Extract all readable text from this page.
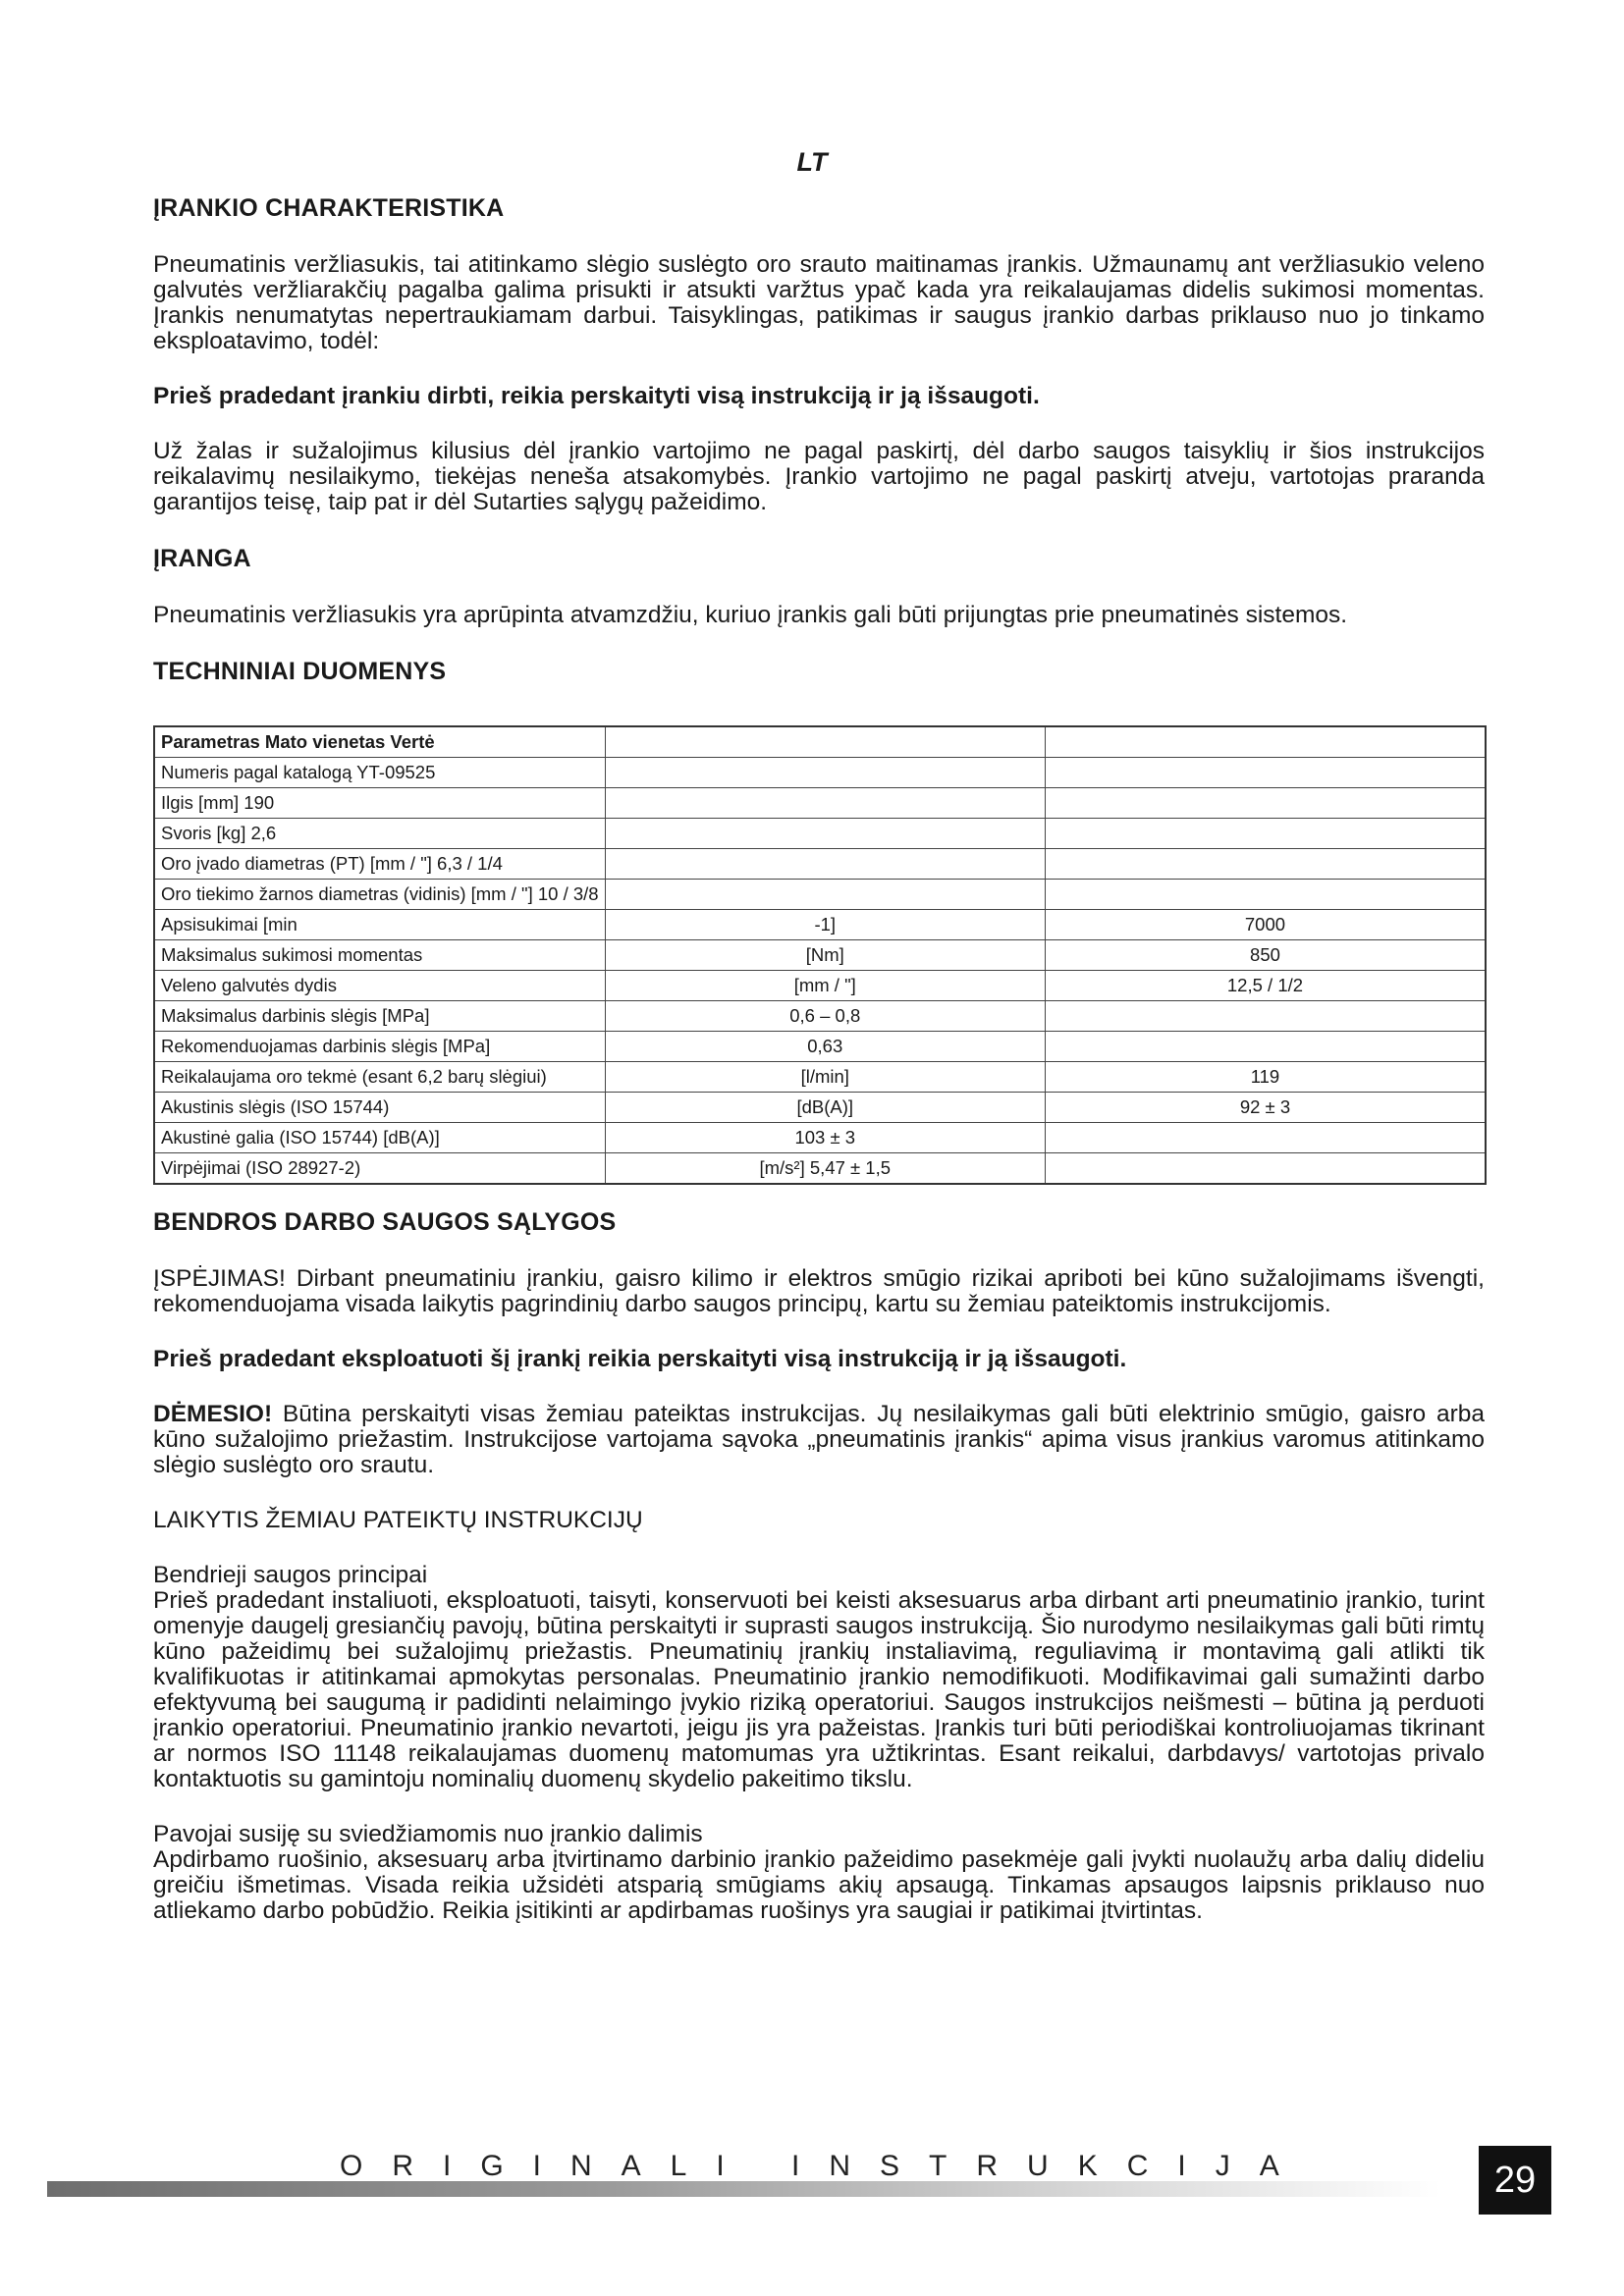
LT
ĮRANKIO CHARAKTERISTIKA

Pneumatinis veržliasukis, tai atitinkamo slėgio suslėgto oro srauto maitinamas įrankis. Užmaunamų ant veržliasukio veleno galvutės veržliarakčių pagalba galima prisukti ir atsukti varžtus ypač kada yra reikalaujamas didelis sukimosi momentas. Įrankis nenumatytas nepertraukiamam darbui. Taisyklingas, patikimas ir saugus įrankio darbas priklauso nuo jo tinkamo eksploatavimo, todėl:

Prieš pradedant įrankiu dirbti, reikia perskaityti visą instrukciją ir ją išsaugoti.

Už žalas ir sužalojimus kilusius dėl įrankio vartojimo ne pagal paskirtį, dėl darbo saugos taisyklių ir šios instrukcijos reikalavimų nesilaikymo, tiekėjas neneša atsakomybės. Įrankio vartojimo ne pagal paskirtį atveju, vartotojas praranda garantijos teisę, taip pat ir dėl Sutarties sąlygų pažeidimo.

ĮRANGA

Pneumatinis veržliasukis yra aprūpinta atvamzdžiu, kuriuo įrankis gali būti prijungtas prie pneumatinės sistemos.

TECHNINIAI DUOMENYS
Parametras Mato vienetas Vertė		
Numeris pagal katalogą YT-09525		
Ilgis [mm] 190		
Svoris [kg] 2,6		
Oro įvado diametras (PT) [mm / "] 6,3 / 1/4		
Oro tiekimo žarnos diametras (vidinis) [mm / "] 10 / 3/8		
Apsisukimai [min	-1]	7000
Maksimalus sukimosi momentas	[Nm]	850
Veleno galvutės dydis	[mm / "]	12,5 / 1/2
Maksimalus darbinis slėgis [MPa]	0,6 – 0,8	
Rekomenduojamas darbinis slėgis [MPa]	0,63	
Reikalaujama oro tekmė (esant 6,2 barų slėgiui)	[l/min]	119
Akustinis slėgis (ISO 15744)	[dB(A)]	92 ± 3
Akustinė galia (ISO 15744) [dB(A)]	103 ± 3	
Virpėjimai (ISO 28927-2)	[m/s²] 5,47 ± 1,5	
BENDROS DARBO SAUGOS SĄLYGOS

ĮSPĖJIMAS! Dirbant pneumatiniu įrankiu, gaisro kilimo ir elektros smūgio rizikai apriboti bei kūno sužalojimams išvengti, rekomenduojama visada laikytis pagrindinių darbo saugos principų, kartu su žemiau pateiktomis instrukcijomis.

Prieš pradedant eksploatuoti šį įrankį reikia perskaityti visą instrukciją ir ją išsaugoti.

DĖMESIO! Būtina perskaityti visas žemiau pateiktas instrukcijas. Jų nesilaikymas gali būti elektrinio smūgio, gaisro arba kūno sužalojimo priežastim. Instrukcijose vartojama sąvoka „pneumatinis įrankis“ apima visus įrankius varomus atitinkamo slėgio suslėgto oro srautu.

LAIKYTIS ŽEMIAU PATEIKTŲ INSTRUKCIJŲ

Bendrieji saugos principai

Prieš pradedant instaliuoti, eksploatuoti, taisyti, konservuoti bei keisti aksesuarus arba dirbant arti pneumatinio įrankio, turint omenyje daugelį gresiančių pavojų, būtina perskaityti ir suprasti saugos instrukciją. Šio nurodymo nesilaikymas gali būti rimtų kūno pažeidimų bei sužalojimų priežastis. Pneumatinių įrankių instaliavimą, reguliavimą ir montavimą gali atlikti tik kvalifikuotas ir atitinkamai apmokytas personalas. Pneumatinio įrankio nemodifikuoti. Modifikavimai gali sumažinti darbo efektyvumą bei saugumą ir padidinti nelaimingo įvykio riziką operatoriui. Saugos instrukcijos neišmesti – būtina ją perduoti įrankio operatoriui. Pneumatinio įrankio nevartoti, jeigu jis yra pažeistas. Įrankis turi būti periodiškai kontroliuojamas tikrinant ar normos ISO 11148 reikalaujamas duomenų matomumas yra užtikrintas. Esant reikalui, darbdavys/ vartotojas privalo kontaktuotis su gamintoju nominalių duomenų skydelio pakeitimo tikslu.

Pavojai susiję su sviedžiamomis nuo įrankio dalimis

Apdirbamo ruošinio, aksesuarų arba įtvirtinamo darbinio įrankio pažeidimo pasekmėje gali įvykti nuolaužų arba dalių dideliu greičiu išmetimas. Visada reikia užsidėti atsparią smūgiams akių apsaugą. Tinkamas apsaugos laipsnis priklauso nuo atliekamo darbo pobūdžio. Reikia įsitikinti ar apdirbamas ruošinys yra saugiai ir patikimai įtvirtintas.

ORIGINALI INSTRUKCIJA	29
